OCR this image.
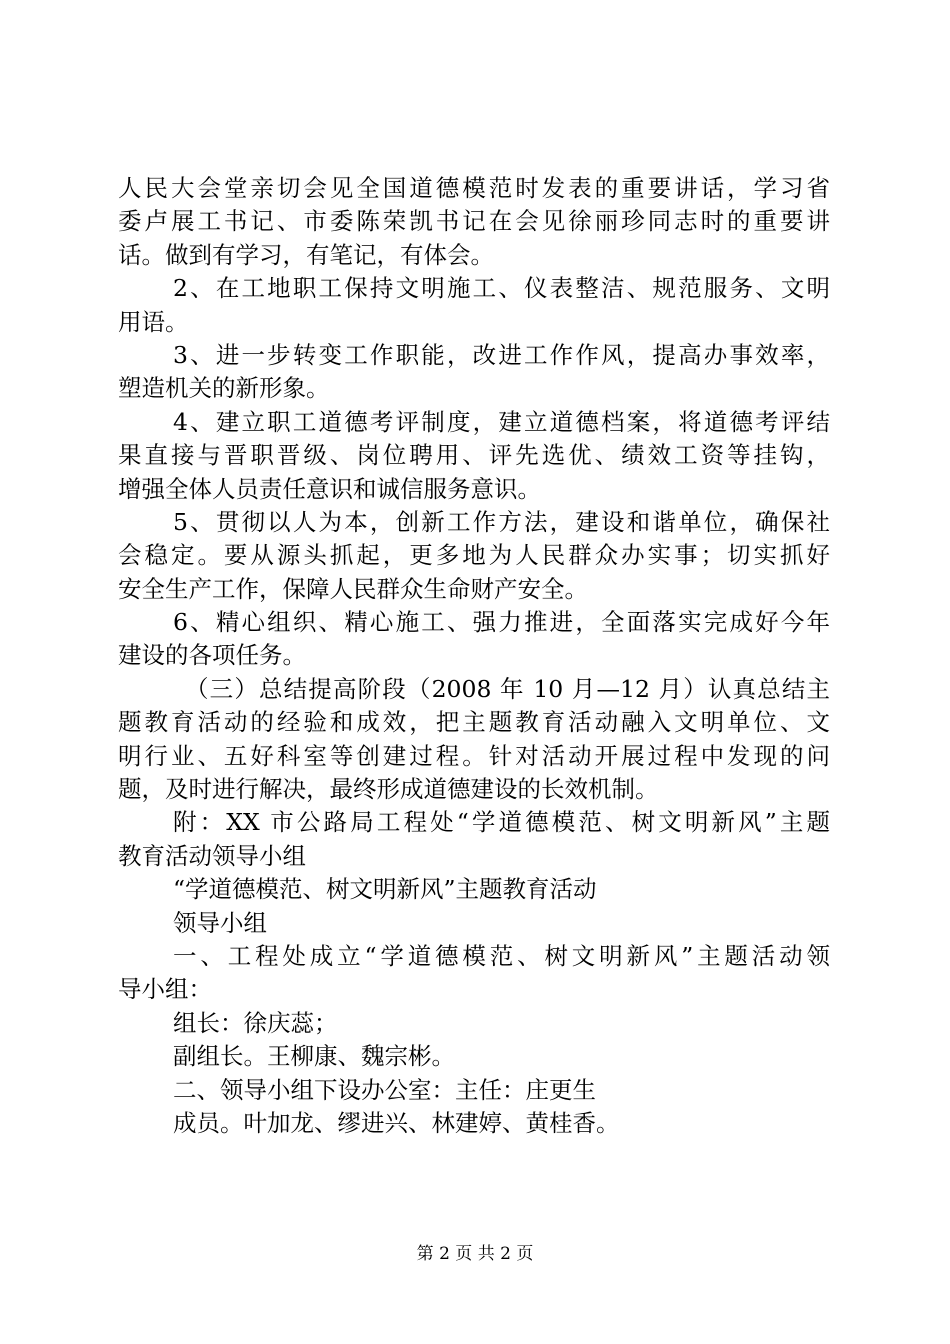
人民大会堂亲切会见全国道德模范时发表的重要讲话，学习省
委卢展工书记、市委陈荣凯书记在会见徐丽珍同志时的重要讲
话。做到有学习，有笔记，有体会。
2、在工地职工保持文明施工、仪表整洁、规范服务、文明
用语。
3、进一步转变工作职能，改进工作作风，提高办事效率，
塑造机关的新形象。
4、建立职工道德考评制度，建立道德档案，将道德考评结
果直接与晋职晋级、岗位聘用、评先选优、绩效工资等挂钩，
增强全体人员责任意识和诚信服务意识。
5、贯彻以人为本，创新工作方法，建设和谐单位，确保社
会稳定。要从源头抓起，更多地为人民群众办实事；切实抓好
安全生产工作，保障人民群众生命财产安全。
6、精心组织、精心施工、强力推进，全面落实完成好今年
建设的各项任务。
（三）总结提高阶段（2008 年 10 月—12 月）认真总结主
题教育活动的经验和成效，把主题教育活动融入文明单位、文
明行业、五好科室等创建过程。针对活动开展过程中发现的问
题，及时进行解决，最终形成道德建设的长效机制。
附：XX 市公路局工程处“学道德模范、树文明新风”主题
教育活动领导小组
“学道德模范、树文明新风”主题教育活动
领导小组
一、工程处成立“学道德模范、树文明新风”主题活动领
导小组：
组长：徐庆蕊；
副组长。王柳康、魏宗彬。
二、领导小组下设办公室：主任：庄更生
成员。叶加龙、缪进兴、林建婷、黄桂香。
第 2 页 共 2 页
